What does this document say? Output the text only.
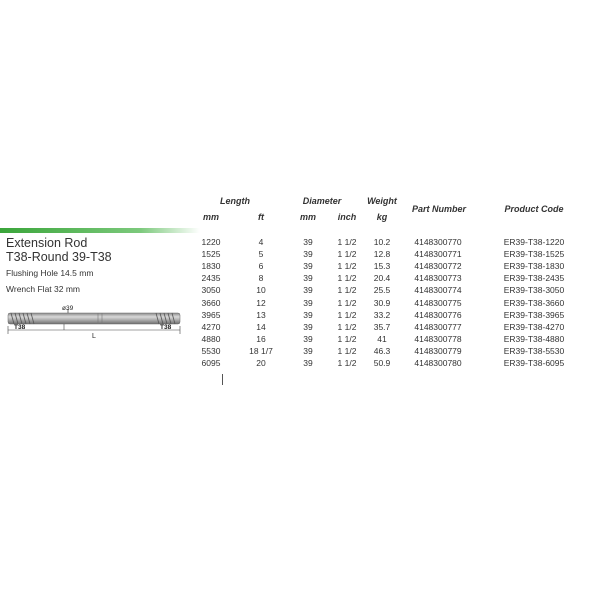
Length
mm	ft
Diameter
mm	inch
Weight
kg
Part Number	Product Code
Extension Rod
T38-Round 39-T38
Flushing Hole 14.5 mm
Wrench Flat 32 mm
ø39
T38	T38
L
1220	4	39	1 1/2	10.2	4148300770	ER39-T38-1220
1525	5	39	1 1/2	12.8	4148300771	ER39-T38-1525
1830	6	39	1 1/2	15.3	4148300772	ER39-T38-1830
2435	8	39	1 1/2	20.4	4148300773	ER39-T38-2435
3050	10	39	1 1/2	25.5	4148300774	ER39-T38-3050
3660	12	39	1 1/2	30.9	4148300775	ER39-T38-3660
3965	13	39	1 1/2	33.2	4148300776	ER39-T38-3965
4270	14	39	1 1/2	35.7	4148300777	ER39-T38-4270
4880	16	39	1 1/2	41	4148300778	ER39-T38-4880
5530	18 1/7	39	1 1/2	46.3	4148300779	ER39-T38-5530
6095	20	39	1 1/2	50.9	4148300780	ER39-T38-6095
